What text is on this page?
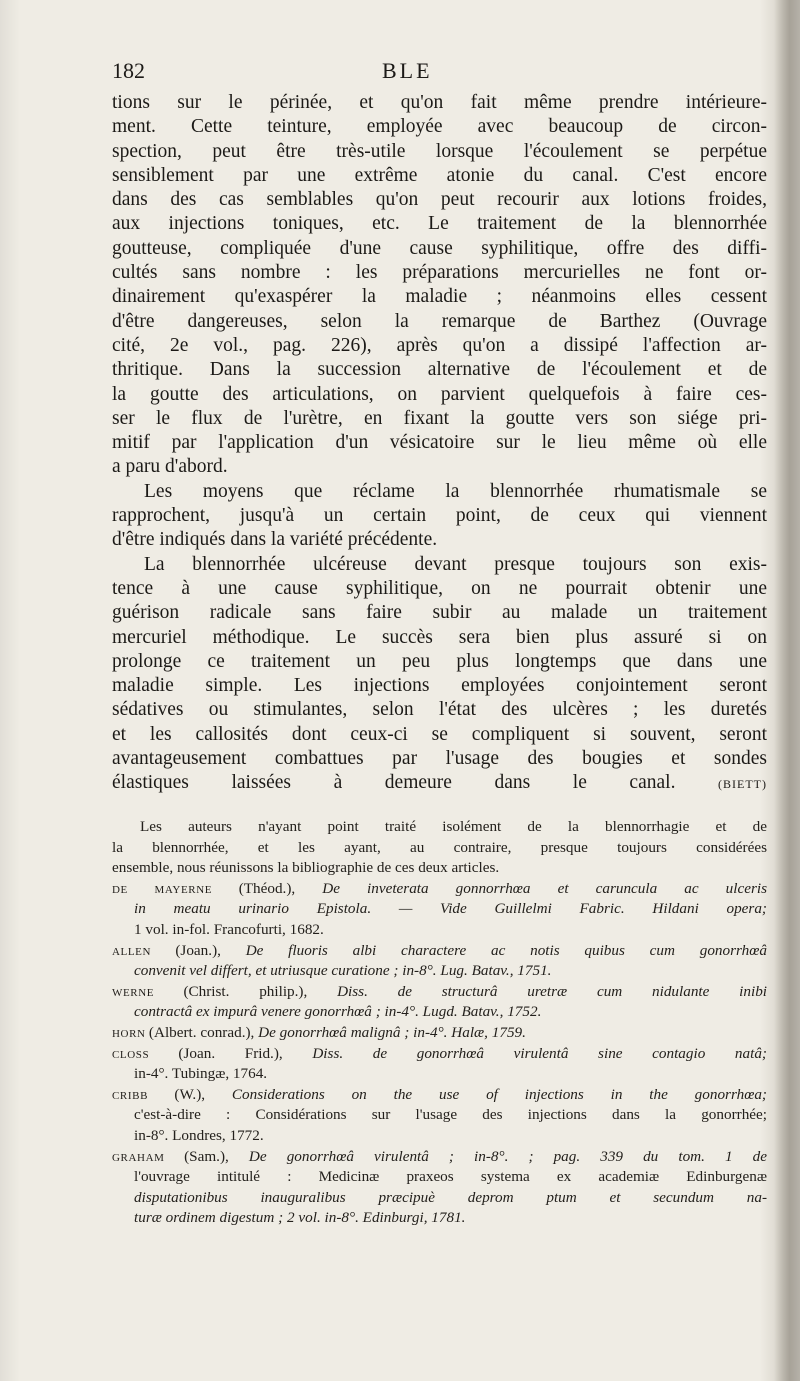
182	BLE
tions sur le périnée, et qu'on fait même prendre intérieure-
ment. Cette teinture, employée avec beaucoup de circon-
spection, peut être très-utile lorsque l'écoulement se perpétue
sensiblement par une extrême atonie du canal. C'est encore
dans des cas semblables qu'on peut recourir aux lotions froides,
aux injections toniques, etc. Le traitement de la blennorrhée
goutteuse, compliquée d'une cause syphilitique, offre des diffi-
cultés sans nombre : les préparations mercurielles ne font or-
dinairement qu'exaspérer la maladie ; néanmoins elles cessent
d'être dangereuses, selon la remarque de Barthez (Ouvrage
cité, 2e vol., pag. 226), après qu'on a dissipé l'affection ar-
thritique. Dans la succession alternative de l'écoulement et de
la goutte des articulations, on parvient quelquefois à faire ces-
ser le flux de l'urètre, en fixant la goutte vers son siége pri-
mitif par l'application d'un vésicatoire sur le lieu même où elle
a paru d'abord.
Les moyens que réclame la blennorrhée rhumatismale se
rapprochent, jusqu'à un certain point, de ceux qui viennent
d'être indiqués dans la variété précédente.
La blennorrhée ulcéreuse devant presque toujours son exis-
tence à une cause syphilitique, on ne pourrait obtenir une
guérison radicale sans faire subir au malade un traitement
mercuriel méthodique. Le succès sera bien plus assuré si on
prolonge ce traitement un peu plus longtemps que dans une
maladie simple. Les injections employées conjointement seront
sédatives ou stimulantes, selon l'état des ulcères ; les duretés
et les callosités dont ceux-ci se compliquent si souvent, seront
avantageusement combattues par l'usage des bougies et sondes
élastiques laissées à demeure dans le canal.	(BIETT)
Les auteurs n'ayant point traité isolément de la blennorrhagie et de
la blennorrhée, et les ayant, au contraire, presque toujours considérées
ensemble, nous réunissons la bibliographie de ces deux articles.
DE MAYERNE (Théod.), De inveterata gonnorrhœa et caruncula ac ulceris
in meatu urinario Epistola. — Vide Guillelmi Fabric. Hildani opera;
1 vol. in-fol. Francofurti, 1682.
ALLEN (Joan.), De fluoris albi charactere ac notis quibus cum gonorrhœâ
convenit vel differt, et utriusque curatione ; in-8°. Lug. Batav., 1751.
WERNE (Christ. philip.), Diss. de structurâ uretræ cum nidulante inibi
contractâ ex impurâ venere gonorrhœâ ; in-4°. Lugd. Batav., 1752.
HORN (Albert. conrad.), De gonorrhœâ malignâ ; in-4°. Halæ, 1759.
CLOSS (Joan. Frid.), Diss. de gonorrhœâ virulentâ sine contagio natâ;
in-4°. Tubingæ, 1764.
CRIBB (W.), Considerations on the use of injections in the gonorrhœa;
c'est-à-dire : Considérations sur l'usage des injections dans la gonorrhée;
in-8°. Londres, 1772.
GRAHAM (Sam.), De gonorrhœâ virulentâ ; in-8°. ; pag. 339 du tom. 1 de
l'ouvrage intitulé : Medicinæ praxeos systema ex academiæ Edinburgenæ
disputationibus inauguralibus præcipuè deprom ptum et secundum na-
turæ ordinem digestum ; 2 vol. in-8°. Edinburgi, 1781.
